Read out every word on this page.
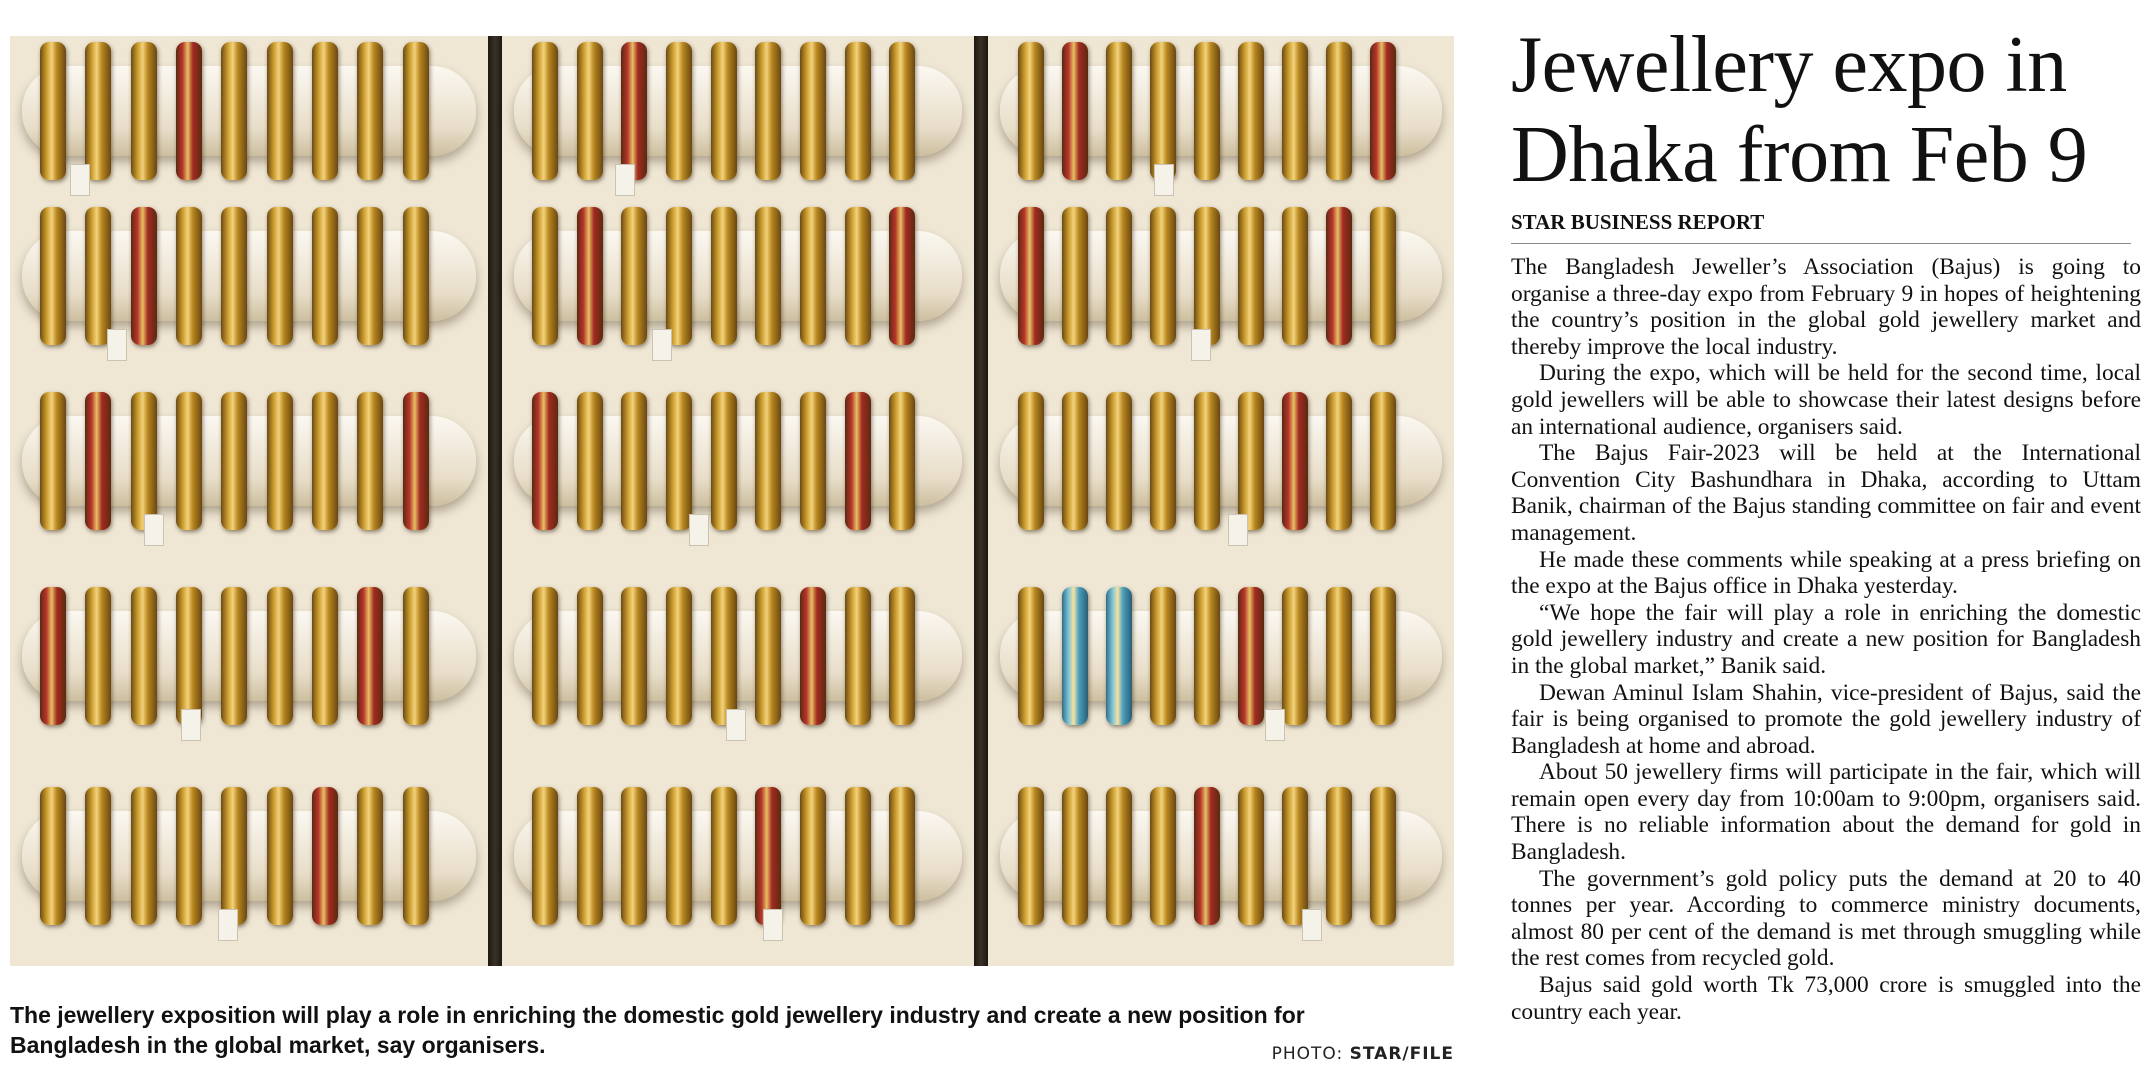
The jewellery exposition will play a role in enriching the domestic gold jewellery industry and create a new position for Bangladesh in the global market, say organisers.	PHOTO: STAR/FILE
Jewellery expo in
Dhaka from Feb 9
STAR BUSINESS REPORT

The Bangladesh Jeweller’s Association (Bajus) is going to organise a three-day expo from February 9 in hopes of heightening the country’s position in the global gold jewellery market and thereby improve the local industry.

During the expo, which will be held for the second time, local gold jewellers will be able to showcase their latest designs before an international audience, organisers said.

The Bajus Fair-2023 will be held at the International Convention City Bashundhara in Dhaka, according to Uttam Banik, chairman of the Bajus standing committee on fair and event management.

He made these comments while speaking at a press briefing on the expo at the Bajus office in Dhaka yesterday.

“We hope the fair will play a role in enriching the domestic gold jewellery industry and create a new position for Bangladesh in the global market,” Banik said.

Dewan Aminul Islam Shahin, vice-president of Bajus, said the fair is being organised to promote the gold jewellery industry of Bangladesh at home and abroad.

About 50 jewellery firms will participate in the fair, which will remain open every day from 10:00am to 9:00pm, organisers said. There is no reliable information about the demand for gold in Bangladesh.

The government’s gold policy puts the demand at 20 to 40 tonnes per year. According to commerce ministry documents, almost 80 per cent of the demand is met through smuggling while the rest comes from recycled gold.

Bajus said gold worth Tk 73,000 crore is smuggled into the country each year.
